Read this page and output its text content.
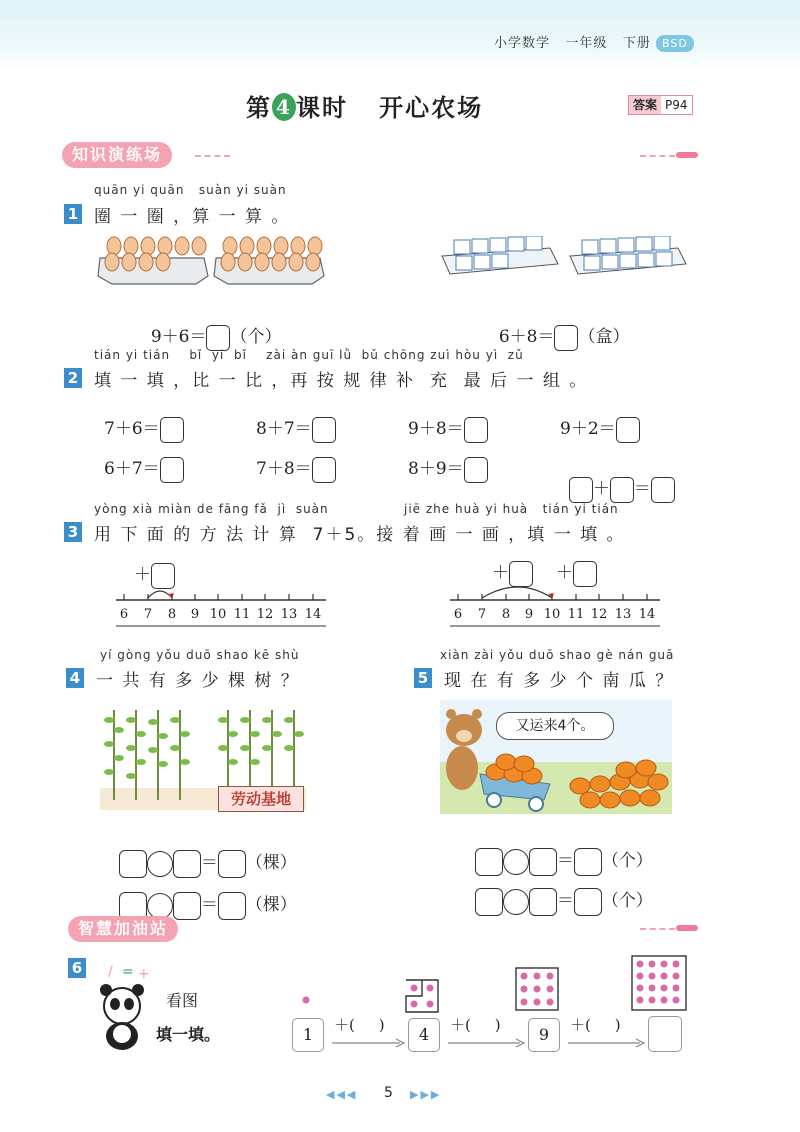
小学数学 一年级 下册 BSD
第 4 课时 开心农场	答案 P94
知识演练场
quān yi quān   suàn yi suàn
1 圈 一 圈 ，算 一 算 。

9＋6＝ （个）	6＋8＝ （盒）

tián yi tián    bǐ  yi  bǐ    zài àn guī lǜ  bǔ chōng zuì hòu yì  zǔ
2 填 一 填 ，比 一 比 ，再 按 规 律 补  充  最 后 一 组 。
7＋6＝	8＋7＝	9＋8＝	9＋2＝
6＋7＝	7＋8＝	8＋9＝

＋ ＝

yòng xià miàn de fāng fǎ  jì  suàn	jiē zhe huà yi huà   tián yi tián
3 用 下 面 的 方 法 计 算  7＋5。接 着 画 一 画 ，填 一 填 。
＋
6 7 8 9 10 11 12 13 14
＋	＋
6 7 8 9 10 11 12 13 14
yí gòng yǒu duō shao kē shù
4 一 共 有 多 少 棵 树 ？
劳动基地

＝ （棵）

＝ （棵）

xiàn zài yǒu duō shao gè nán guā
5 现 在 有 多 少 个 南 瓜 ？
又运来4个。

＝ （个）

＝ （个）

智慧加油站
6 / = +
看图
填一填。	1	＋(     )	4	＋(     )	9	＋(     )
◀◀◀ 5 ▶▶▶
